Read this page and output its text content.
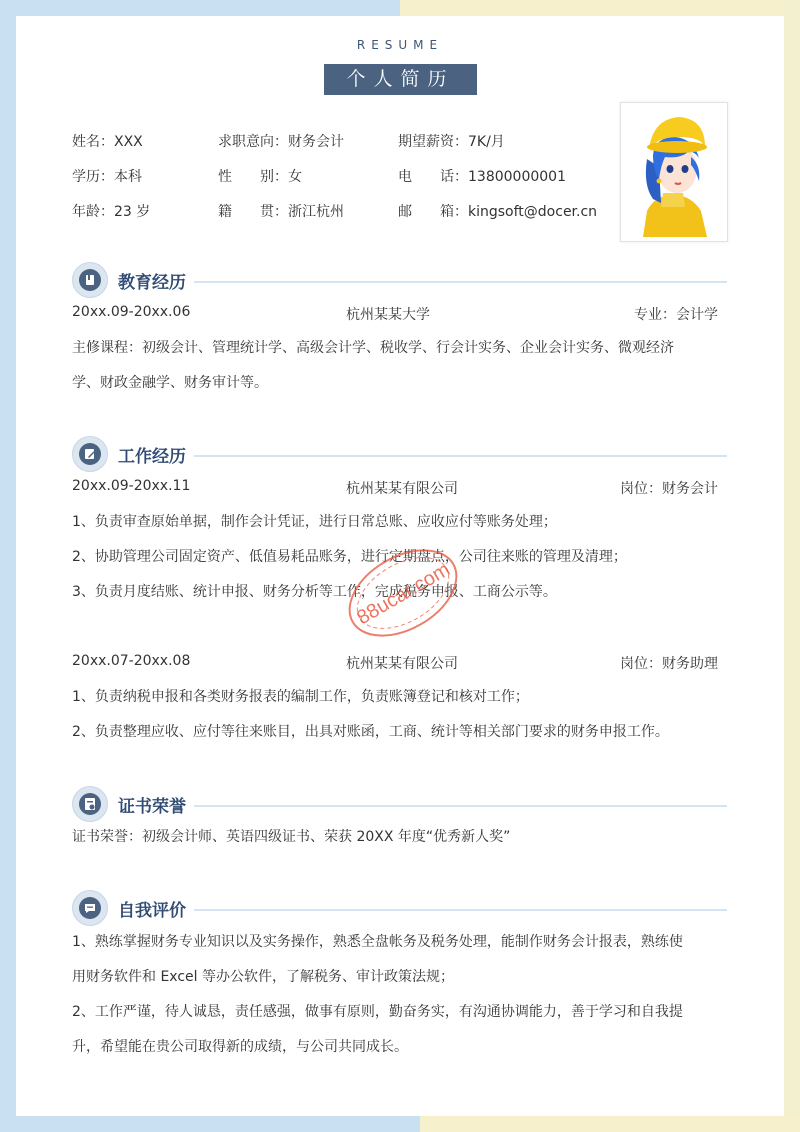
RESUME
个人简历
姓名：XXX	求职意向：财务会计	期望薪资：7K/月
学历：本科	性　　别：女	电　　话：13800000001
年龄：23 岁	籍　　贯：浙江杭州	邮　　箱：kingsoft@docer.cn
教育经历
20xx.09-20xx.06	杭州某某大学	专业：会计学
主修课程：初级会计、管理统计学、高级会计学、税收学、行会计实务、企业会计实务、微观经济
学、财政金融学、财务审计等。
工作经历
20xx.09-20xx.11	杭州某某有限公司	岗位：财务会计
1、负责审查原始单据，制作会计凭证，进行日常总账、应收应付等账务处理；
2、协助管理公司固定资产、低值易耗品账务，进行定期盘点，公司往来账的管理及清理；
3、负责月度结账、统计申报、财务分析等工作，完成税务申报、工商公示等。
20xx.07-20xx.08	杭州某某有限公司	岗位：财务助理
1、负责纳税申报和各类财务报表的编制工作，负责账簿登记和核对工作；
2、负责整理应收、应付等往来账目，出具对账函，工商、统计等相关部门要求的财务申报工作。
88ucar.com
证书荣誉
证书荣誉：初级会计师、英语四级证书、荣获 20XX 年度“优秀新人奖”
自我评价
1、熟练掌握财务专业知识以及实务操作，熟悉全盘帐务及税务处理，能制作财务会计报表，熟练使
用财务软件和 Excel 等办公软件，了解税务、审计政策法规；
2、工作严谨，待人诚恳，责任感强，做事有原则，勤奋务实，有沟通协调能力，善于学习和自我提
升，希望能在贵公司取得新的成绩，与公司共同成长。
